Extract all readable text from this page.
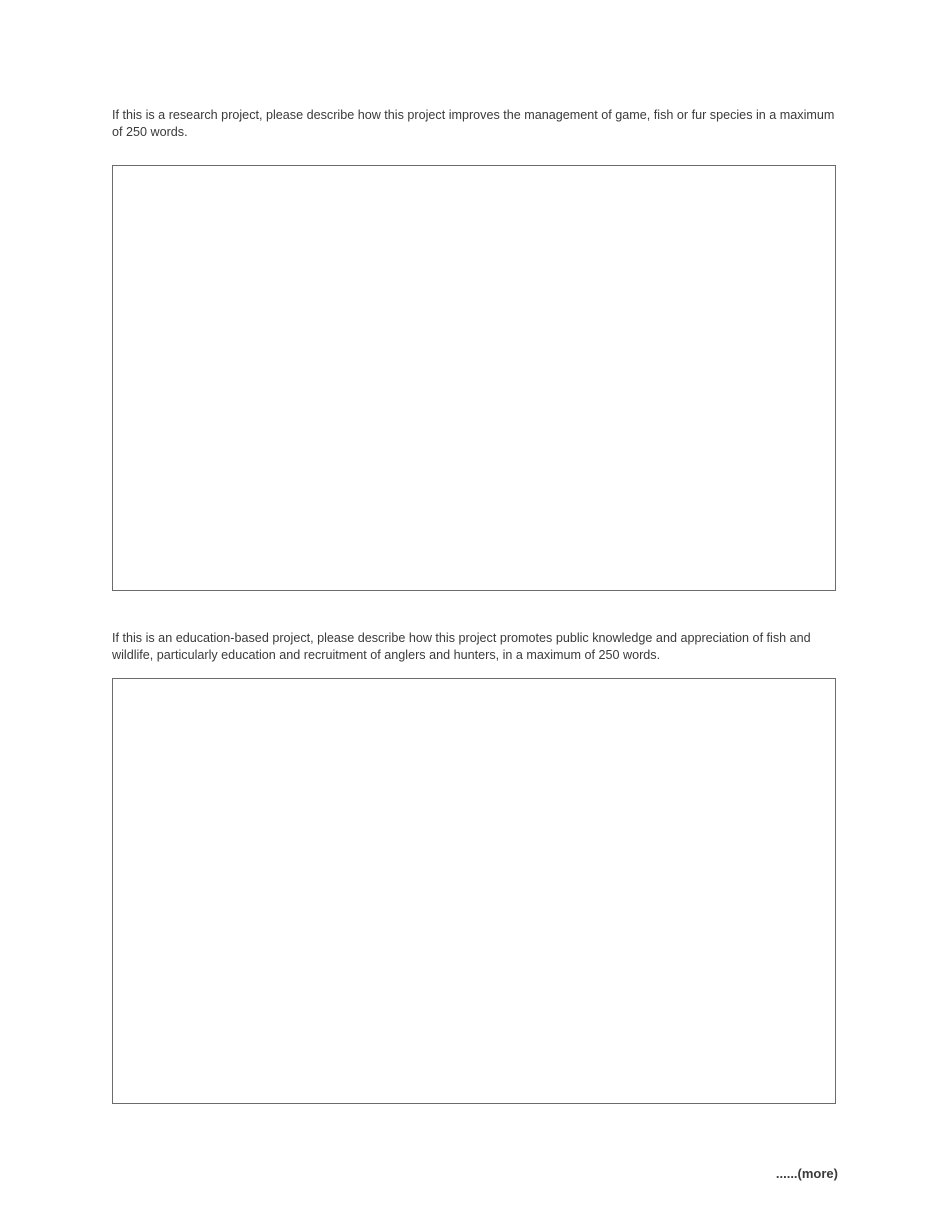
If this is a research project, please describe how this project improves the management of game, fish or fur species in a maximum of 250 words.

If this is an education-based project, please describe how this project promotes public knowledge and appreciation of fish and wildlife, particularly education and recruitment of anglers and hunters, in a maximum of 250 words.

......(more)
